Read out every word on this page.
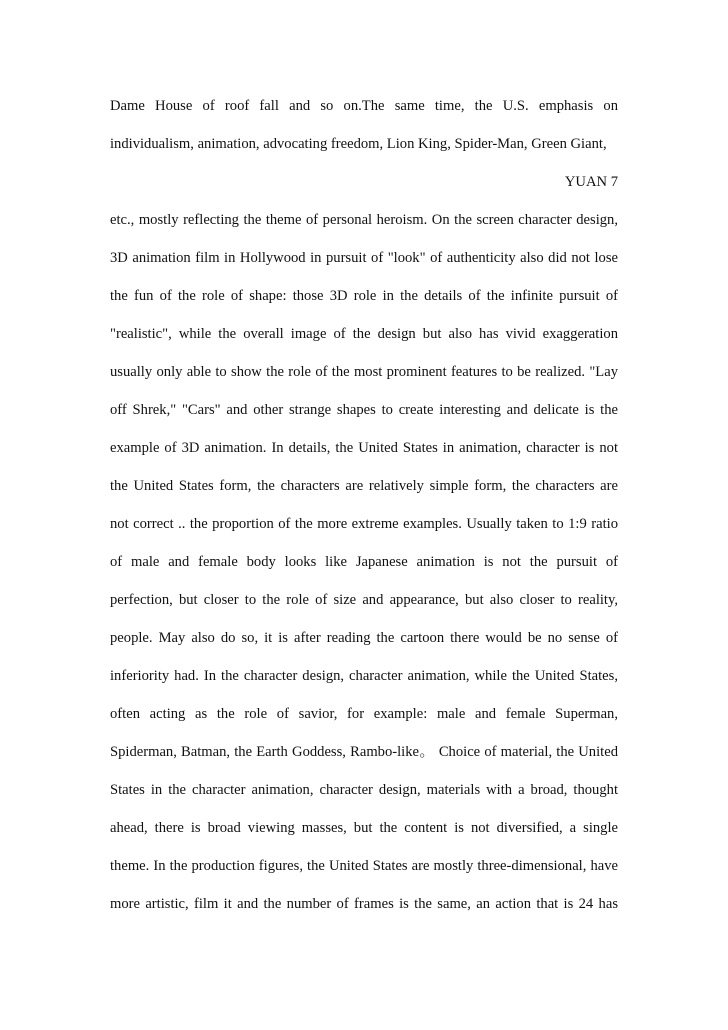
Dame House of roof fall and so on.The same time, the U.S. emphasis on
individualism, animation, advocating freedom, Lion King, Spider-Man, Green Giant,
YUAN 7
etc., mostly reflecting the theme of personal heroism. On the screen character design,
3D animation film in Hollywood in pursuit of "look" of authenticity also did not lose
the fun of the role of shape: those 3D role in the details of the infinite pursuit of
"realistic", while the overall image of the design but also has vivid exaggeration
usually only able to show the role of the most prominent features to be realized. "Lay
off Shrek," "Cars" and other strange shapes to create interesting and delicate is the
example of 3D animation. In details, the United States in animation, character is not
the United States form, the characters are relatively simple form, the characters are
not correct .. the proportion of the more extreme examples. Usually taken to 1:9 ratio
of male and female body looks like Japanese animation is not the pursuit of
perfection, but closer to the role of size and appearance, but also closer to reality,
people. May also do so, it is after reading the cartoon there would be no sense of
inferiority had. In the character design, character animation, while the United States,
often acting as the role of savior, for example: male and female Superman,
Spiderman, Batman, the Earth Goddess, Rambo-like。 Choice of material, the United
States in the character animation, character design, materials with a broad, thought
ahead, there is broad viewing masses, but the content is not diversified, a single
theme. In the production figures, the United States are mostly three-dimensional, have
more artistic, film it and the number of frames is the same, an action that is 24 has
